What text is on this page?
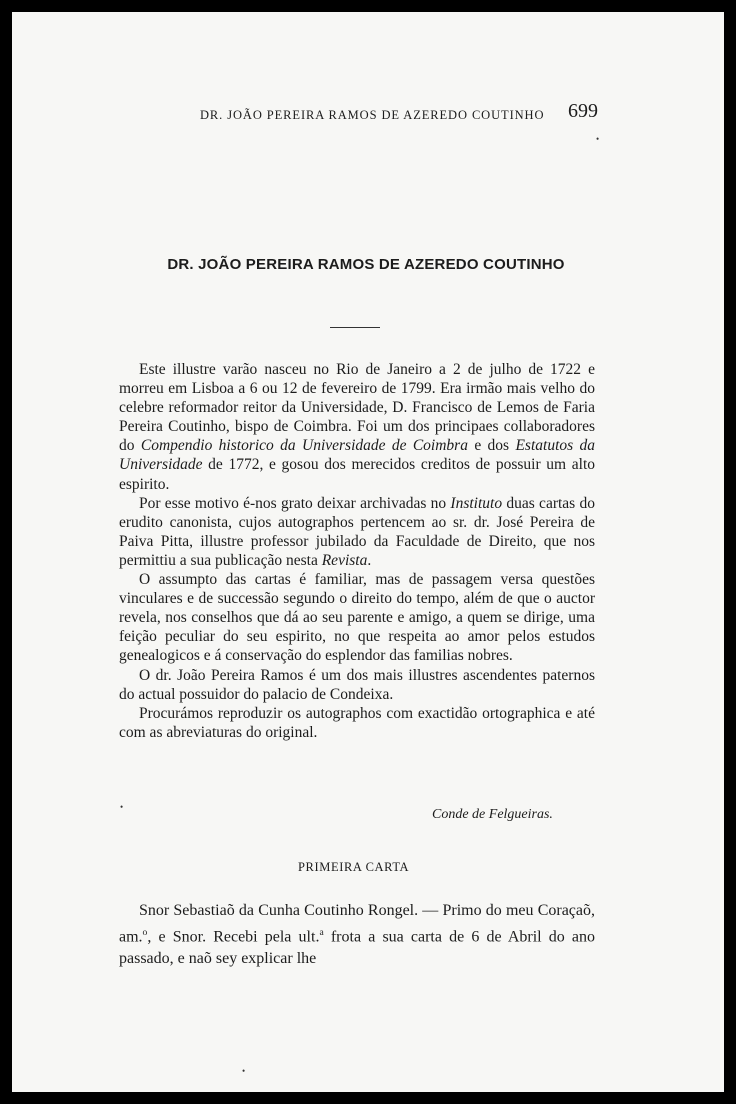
DR. JOÃO PEREIRA RAMOS DE AZEREDO COUTINHO 699
DR. JOÃO PEREIRA RAMOS DE AZEREDO COUTINHO

Este illustre varão nasceu no Rio de Janeiro a 2 de julho de 1722 e morreu em Lisboa a 6 ou 12 de fevereiro de 1799. Era irmão mais velho do celebre reformador reitor da Universidade, D. Francisco de Lemos de Faria Pereira Coutinho, bispo de Coimbra. Foi um dos principaes collaboradores do Compendio historico da Universidade de Coimbra e dos Estatutos da Universidade de 1772, e gosou dos merecidos creditos de possuir um alto espirito.

Por esse motivo é-nos grato deixar archivadas no Instituto duas cartas do erudito canonista, cujos autographos pertencem ao sr. dr. José Pereira de Paiva Pitta, illustre professor jubilado da Faculdade de Direito, que nos permittiu a sua publicação nesta Revista.

O assumpto das cartas é familiar, mas de passagem versa questões vinculares e de successão segundo o direito do tempo, além de que o auctor revela, nos conselhos que dá ao seu parente e amigo, a quem se dirige, uma feição peculiar do seu espirito, no que respeita ao amor pelos estudos genealogicos e á conservação do esplendor das familias nobres.

O dr. João Pereira Ramos é um dos mais illustres ascendentes paternos do actual possuidor do palacio de Condeixa.

Procurámos reproduzir os autographos com exactidão ortographica e até com as abreviaturas do original.

Conde de Felgueiras.
PRIMEIRA CARTA

Snor Sebastiaõ da Cunha Coutinho Rongel. — Primo do meu Coraçaõ, am.$^o$, e Snor. Recebi pela ult.$^a$ frota a sua carta de 6 de Abril do ano passado, e naõ sey explicar lhe

•
•
•
